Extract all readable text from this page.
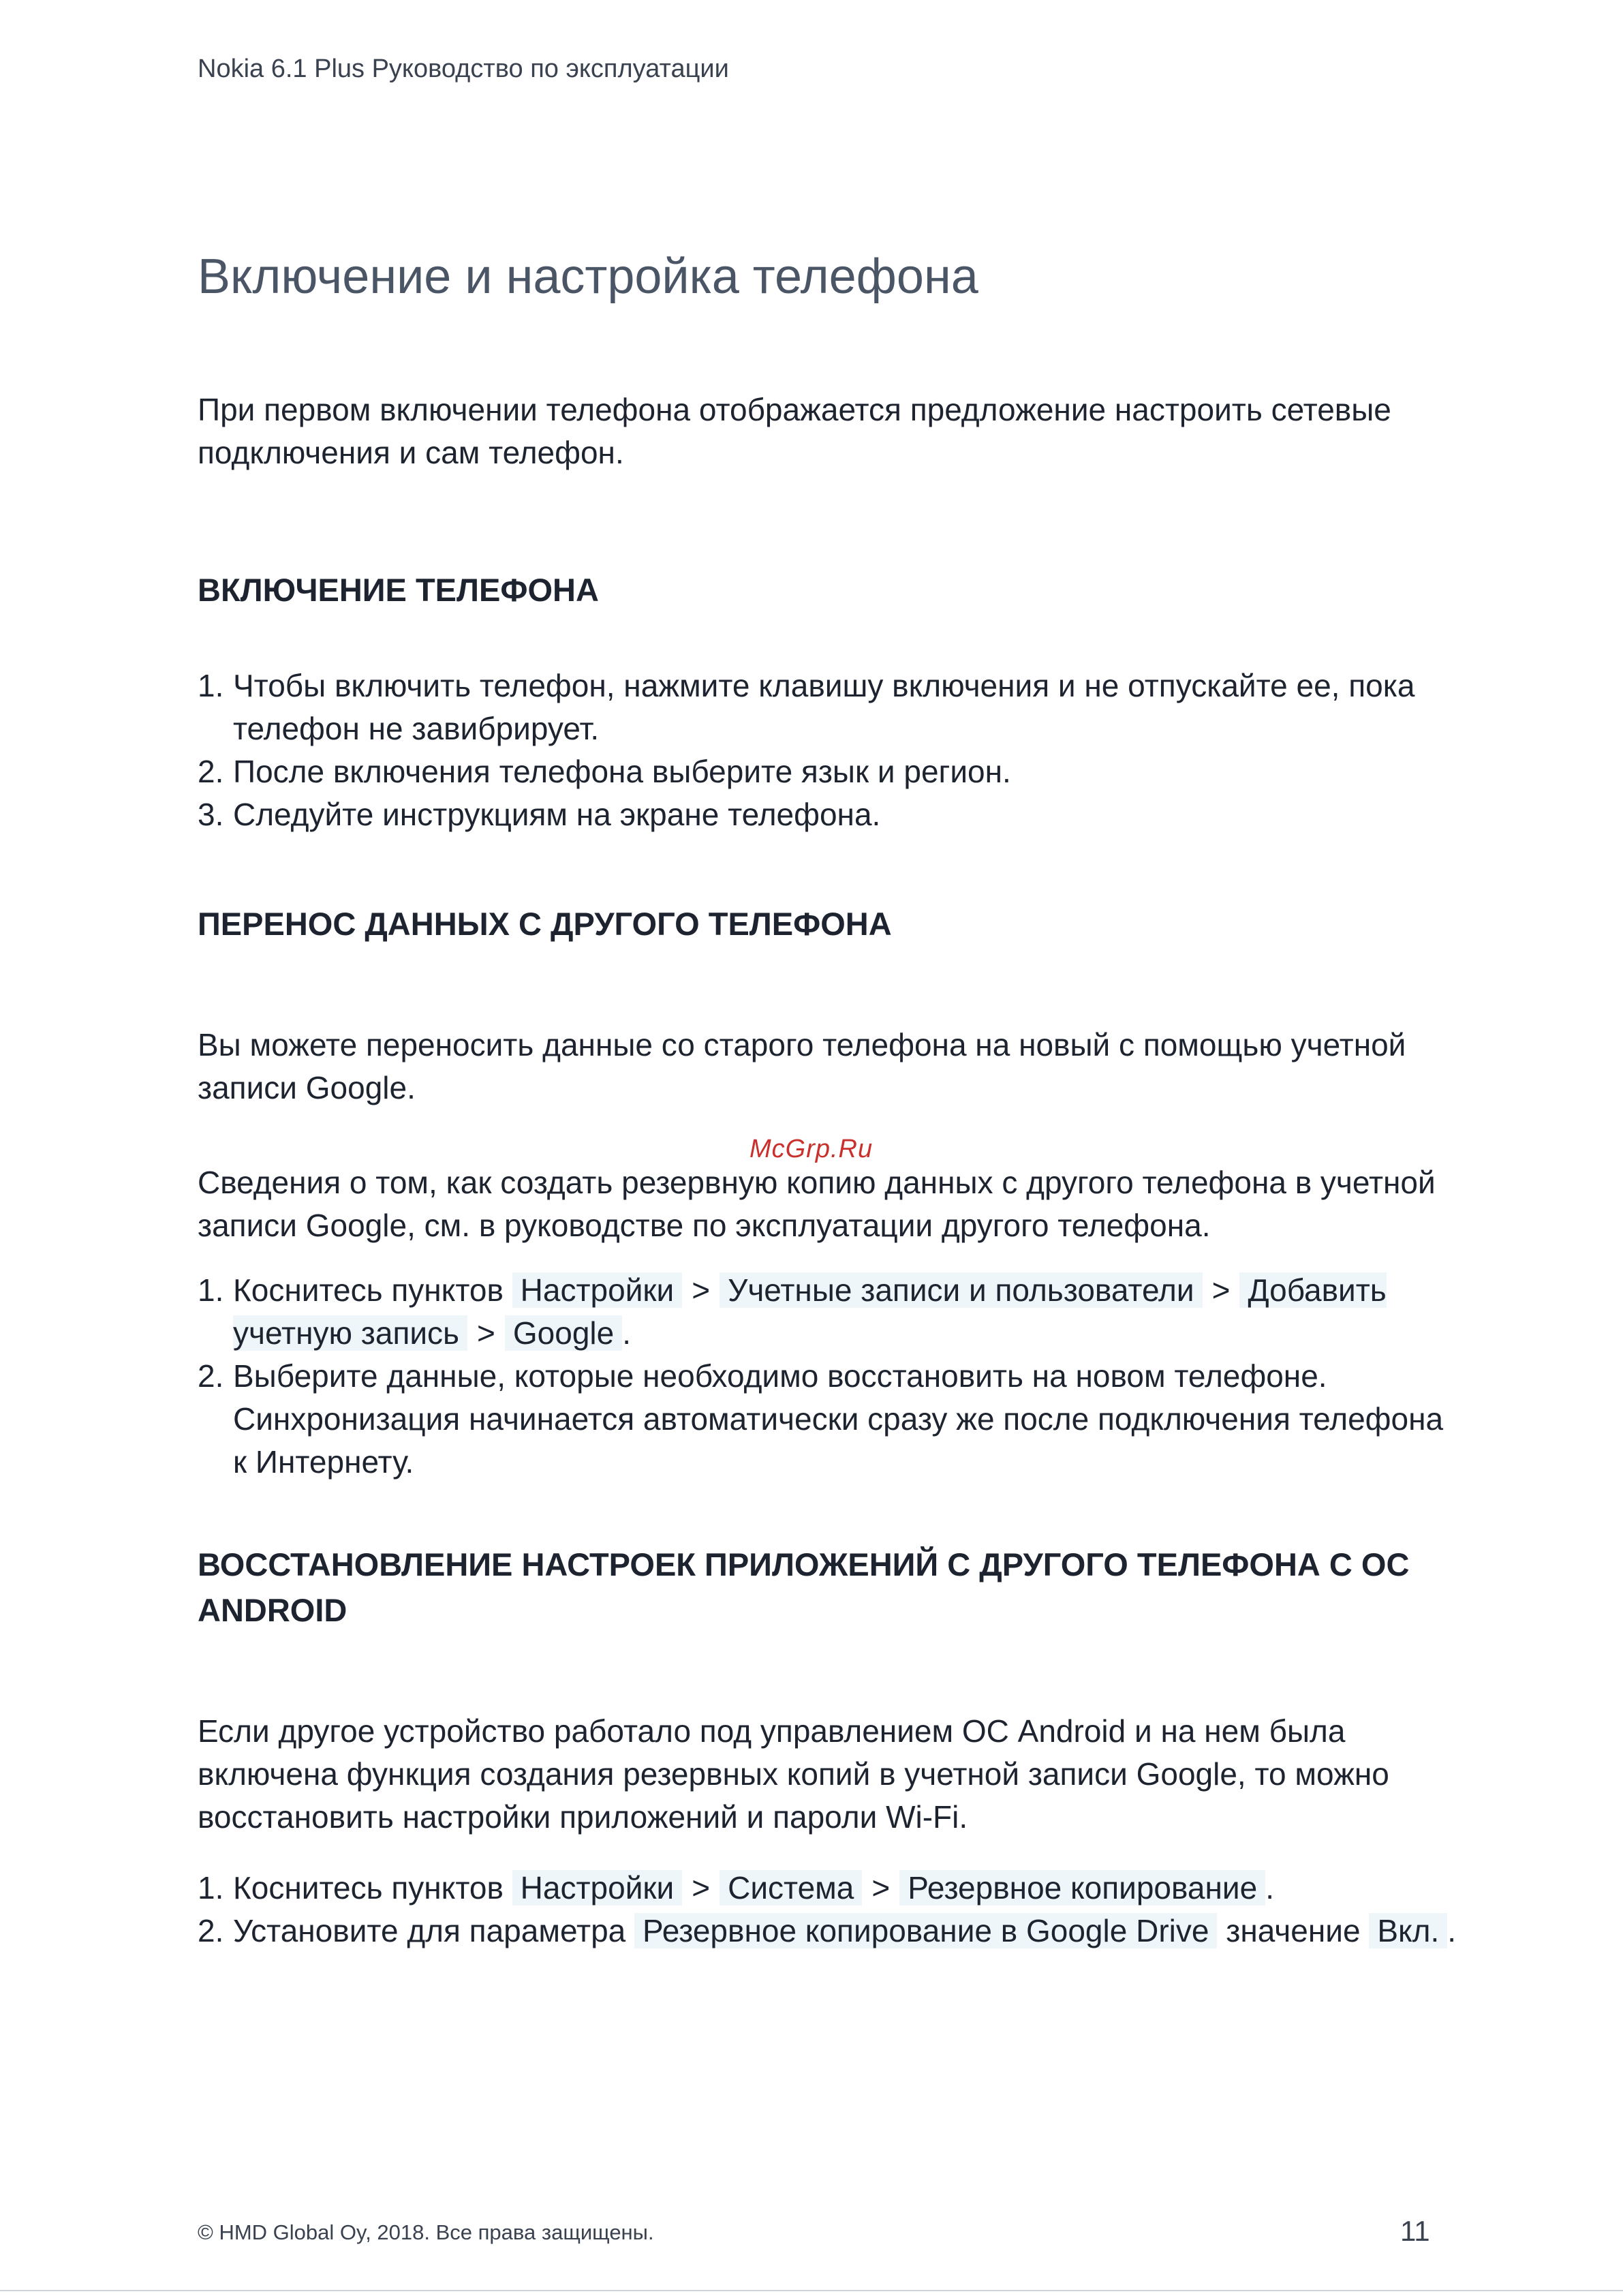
Nokia 6.1 Plus Руководство по эксплуатации
Включение и настройка телефона

При первом включении телефона отображается предложение настроить сетевые подключения и сам телефон.

ВКЛЮЧЕНИЕ ТЕЛЕФОНА
1. Чтобы включить телефон, нажмите клавишу включения и не отпускайте ее, пока телефон не завибрирует.
2. После включения телефона выберите язык и регион.
3. Следуйте инструкциям на экране телефона.
ПЕРЕНОС ДАННЫХ С ДРУГОГО ТЕЛЕФОНА

Вы можете переносить данные со старого телефона на новый с помощью учетной записи Google.

McGrp.Ru

Сведения о том, как создать резервную копию данных с другого телефона в учетной записи Google, см. в руководстве по эксплуатации другого телефона.

1. Коснитесь пунктов Настройки > Учетные записи и пользователи > Добавить учетную запись > Google .
2. Выберите данные, которые необходимо восстановить на новом телефоне. Синхронизация начинается автоматически сразу же после подключения телефона к Интернету.
ВОССТАНОВЛЕНИЕ НАСТРОЕК ПРИЛОЖЕНИЙ С ДРУГОГО ТЕЛЕФОНА С ОС ANDROID

Если другое устройство работало под управлением ОС Android и на нем была включена функция создания резервных копий в учетной записи Google, то можно восстановить настройки приложений и пароли Wi-Fi.

1. Коснитесь пунктов Настройки > Система > Резервное копирование .
2. Установите для параметра Резервное копирование в Google Drive значение Вкл. .
© HMD Global Oy, 2018. Все права защищены.	11
